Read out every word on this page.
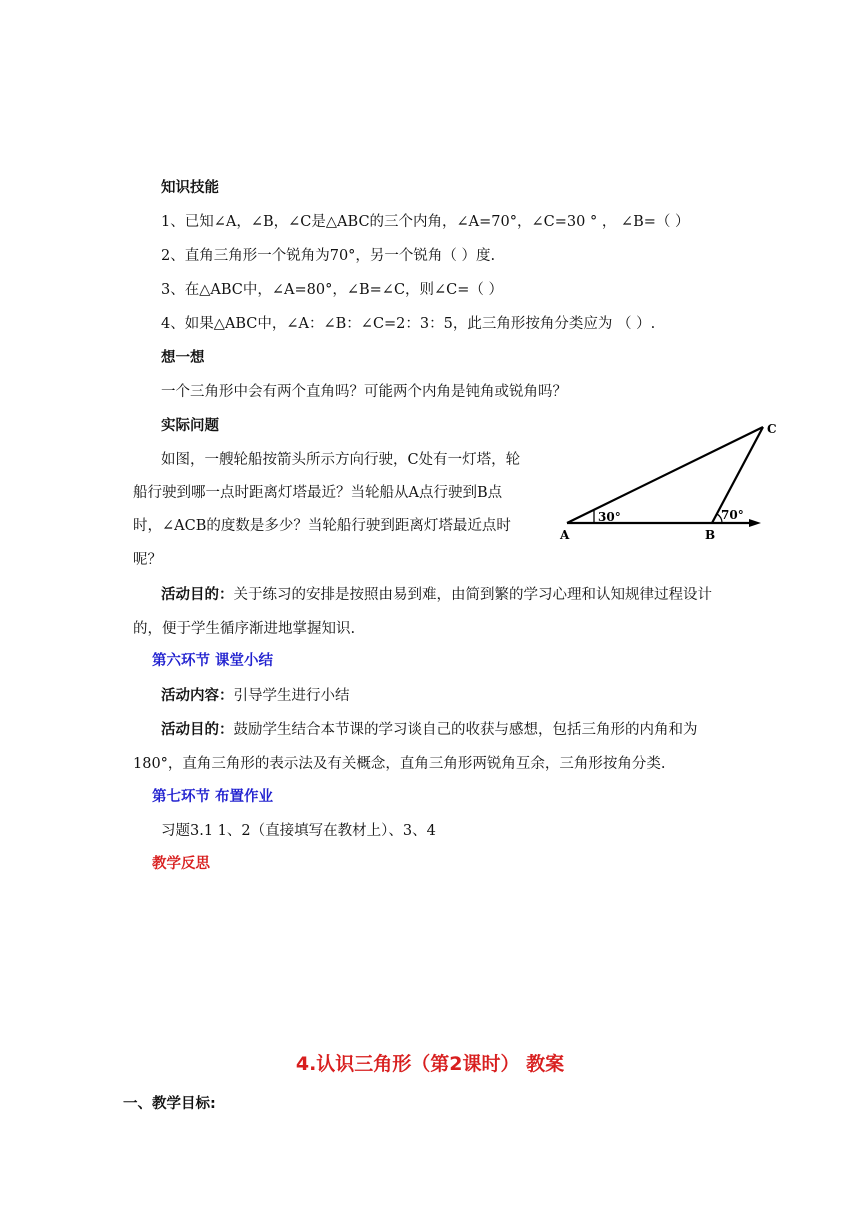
知识技能
1、已知∠A，∠B，∠C是△ABC的三个内角，∠A=70°，∠C=30 ° ， ∠B=（ ）
2、直角三角形一个锐角为70°，另一个锐角（ ）度.
3、在△ABC中，∠A=80°，∠B=∠C，则∠C=（ ）
4、如果△ABC中，∠A：∠B：∠C=2：3：5，此三角形按角分类应为 （ ）.
想一想
一个三角形中会有两个直角吗？可能两个内角是钝角或锐角吗？
实际问题
如图，一艘轮船按箭头所示方向行驶，C处有一灯塔，轮
船行驶到哪一点时距离灯塔最近？当轮船从A点行驶到B点
时，∠ACB的度数是多少？当轮船行驶到距离灯塔最近点时
呢？
30°	70°
A	B
C
活动目的：关于练习的安排是按照由易到难，由简到繁的学习心理和认知规律过程设计
的，便于学生循序渐进地掌握知识.
第六环节 课堂小结
活动内容：引导学生进行小结
活动目的：鼓励学生结合本节课的学习谈自己的收获与感想，包括三角形的内角和为
180°，直角三角形的表示法及有关概念，直角三角形两锐角互余，三角形按角分类.
第七环节 布置作业
习题3.1 1、2（直接填写在教材上）、3、4
教学反思
4.认识三角形（第2课时） 教案
一、教学目标:
